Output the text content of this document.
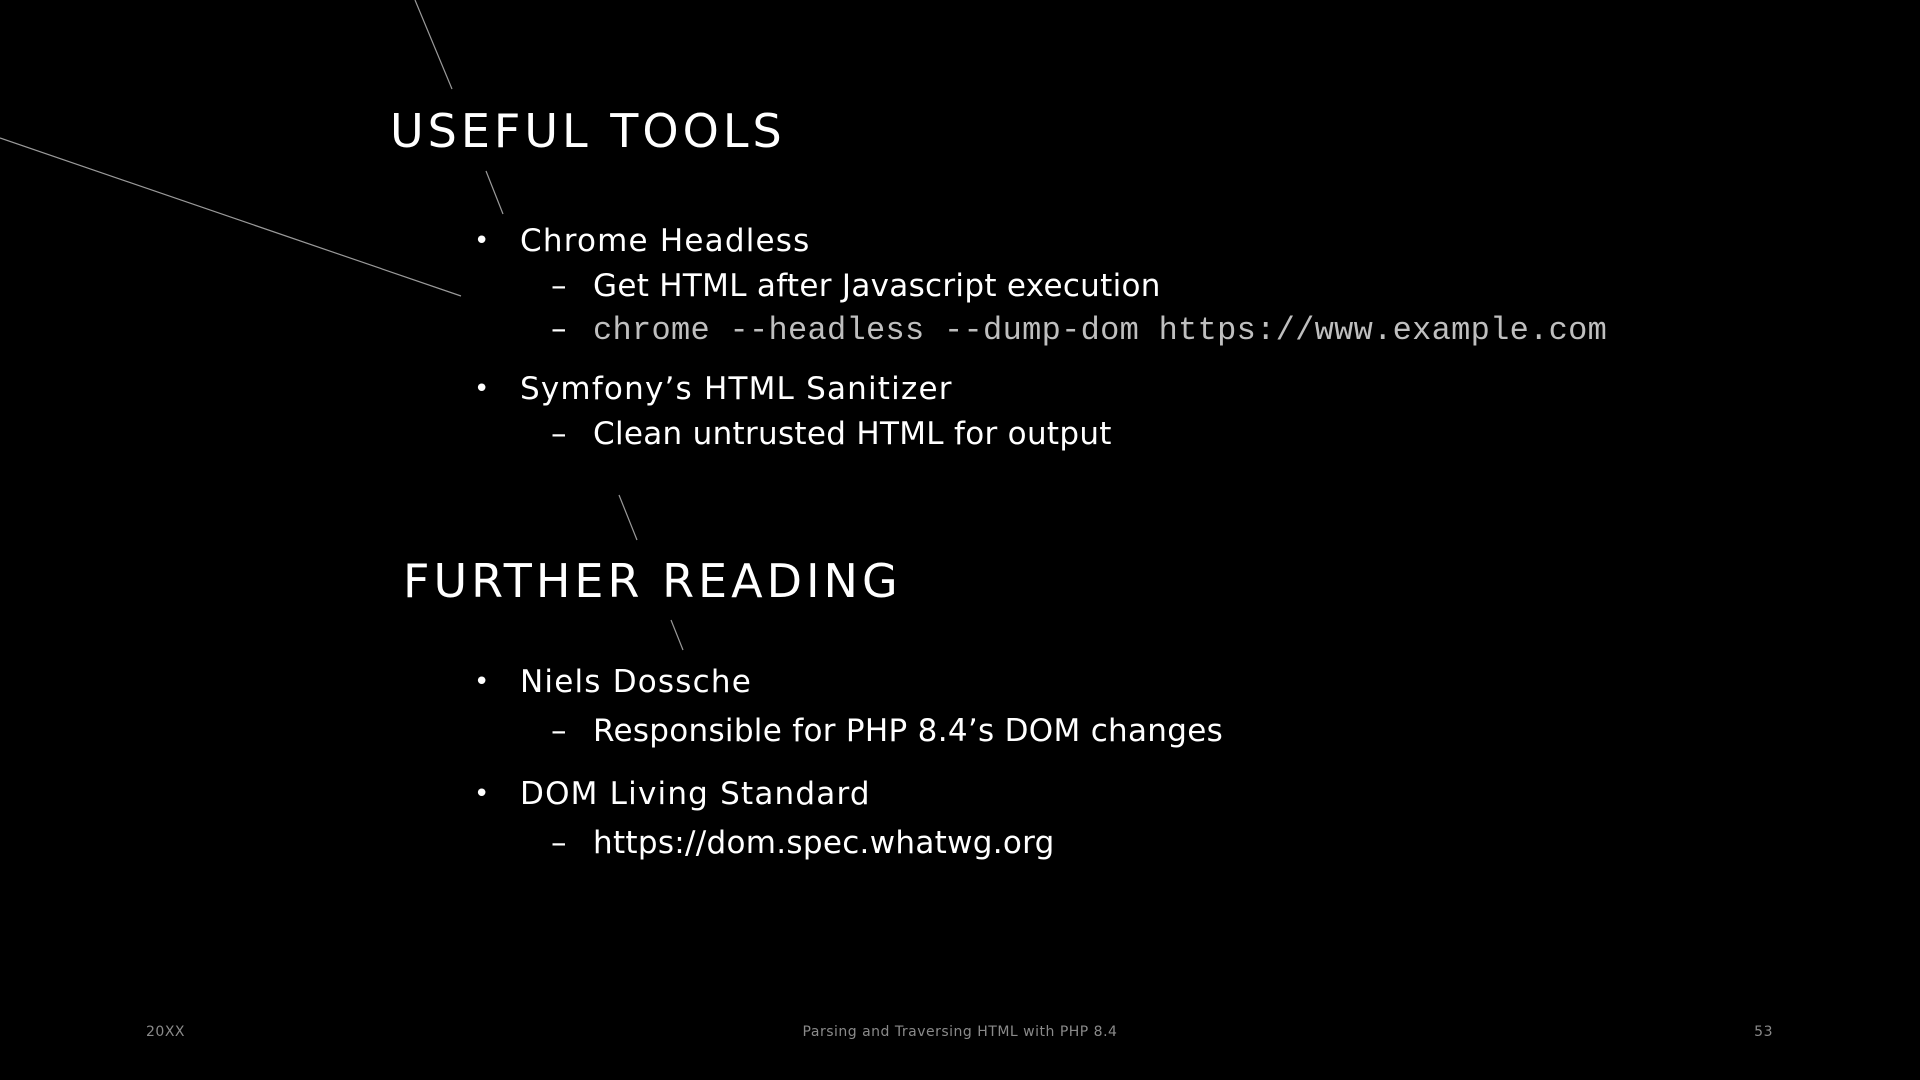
USEFUL TOOLS
• Chrome Headless
– Get HTML after Javascript execution
– chrome --headless --dump-dom https://www.example.com
• Symfony’s HTML Sanitizer
– Clean untrusted HTML for output
FURTHER READING
• Niels Dossche
– Responsible for PHP 8.4’s DOM changes
• DOM Living Standard
– https://dom.spec.whatwg.org
20XX	Parsing and Traversing HTML with PHP 8.4	53
